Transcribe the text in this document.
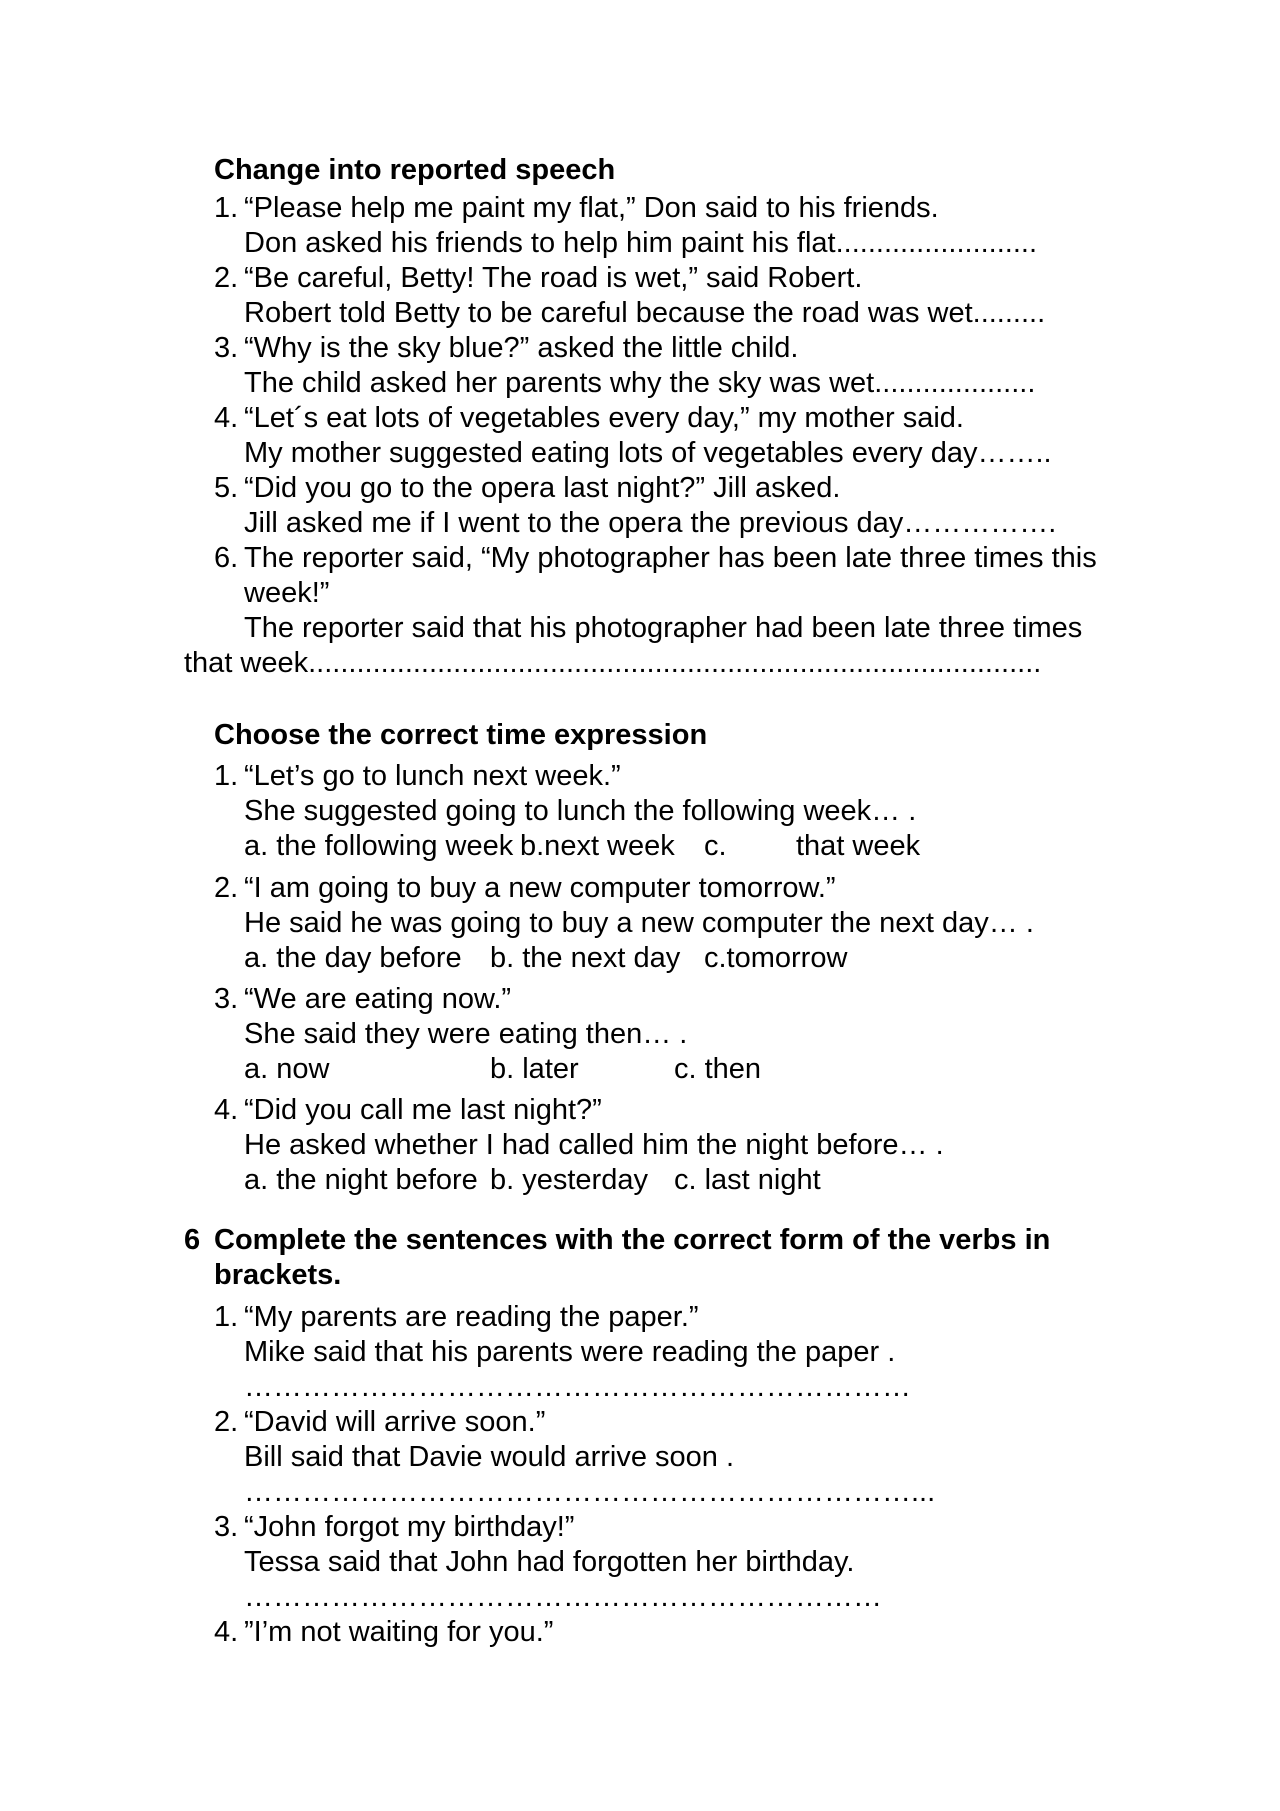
Change into reported speech
1. “Please help me paint my flat,” Don said to his friends.
Don asked his friends to help him paint his flat.........................
2. “Be careful, Betty! The road is wet,” said Robert.
Robert told Betty to be careful because the road was wet.........
3. “Why is the sky blue?” asked the little child.
The child asked her parents why the sky was wet....................
4. “Let´s eat lots of vegetables every day,” my mother said.
My mother suggested eating lots of vegetables every day……..
5. “Did you go to the opera last night?” Jill asked.
Jill asked me if I went to the opera the previous day…………….
6. The reporter said, “My photographer has been late three times this
week!”
The reporter said that his photographer had been late three times
that week...........................................................................................
Choose the correct time expression
1. “Let’s go to lunch next week.”
She suggested going to lunch the following week… .
a. the following week b.next week c. that week
2. “I am going to buy a new computer tomorrow.”
He said he was going to buy a new computer the next day… .
a. the day before b. the next day c.tomorrow
3. “We are eating now.”
She said they were eating then… .
a. now	b. later	c. then
4. “Did you call me last night?”
He asked whether I had called him the night before… .
a. the night before b. yesterday c. last night
6 Complete the sentences with the correct form of the verbs in
brackets.
1. “My parents are reading the paper.”
Mike said that his parents were reading the paper .
……………………………………………………………
2. “David will arrive soon.”
Bill said that Davie would arrive soon .
……………………………………………………………...
3. “John forgot my birthday!”
Tessa said that John had forgotten her birthday.
…………………………………………………………
4. ”I’m not waiting for you.”
